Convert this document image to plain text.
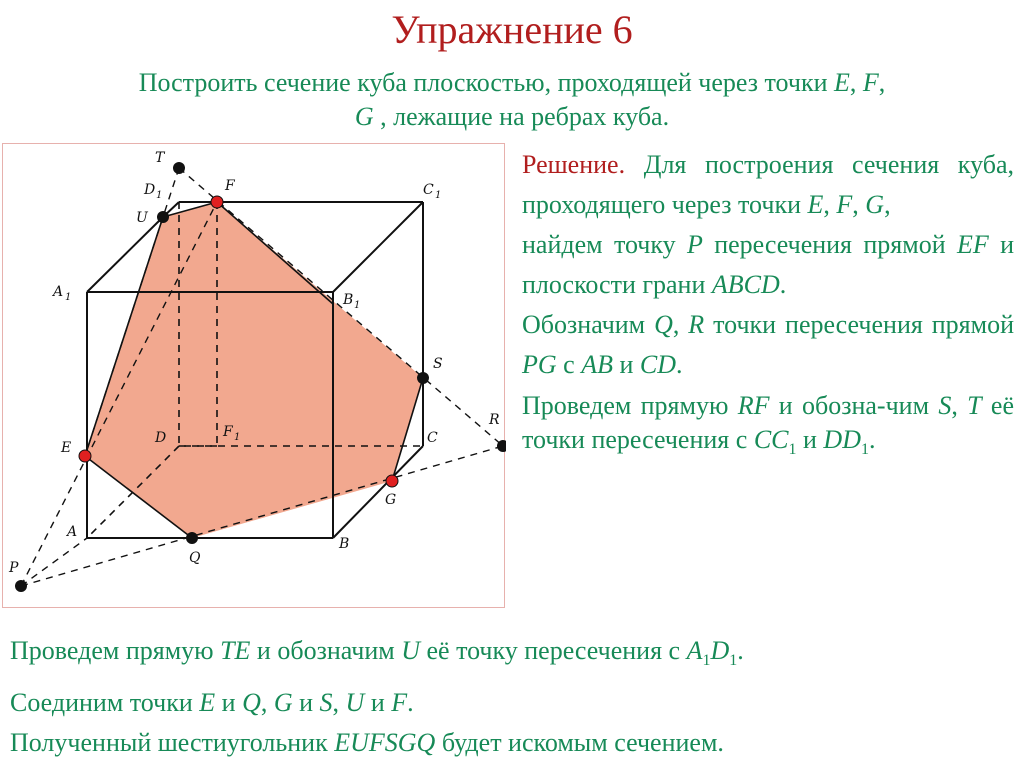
Упражнение 6
Построить сечение куба плоскостью, проходящей через точки E, F,
G , лежащие на ребрах куба.
T
D 1
U
F	C 1
A 1	B 1
S
R
D	F 1	C
E
G
A
Q
B
P

Решение. Для построения сечения куба, проходящего через точки E, F, G,

найдем точку P пересечения прямой EF и плоскости грани ABCD.

Обозначим Q, R точки пересечения прямой PG с AB и CD.

Проведем прямую RF и обозна-чим S, T её точки пересечения с $CC_1$ и $DD_1$.

Проведем прямую TE и обозначим U её точку пересечения с $A_1D_1$.
Соединим точки E и Q, G и S, U и F.
Полученный шестиугольник EUFSGQ будет искомым сечением.
